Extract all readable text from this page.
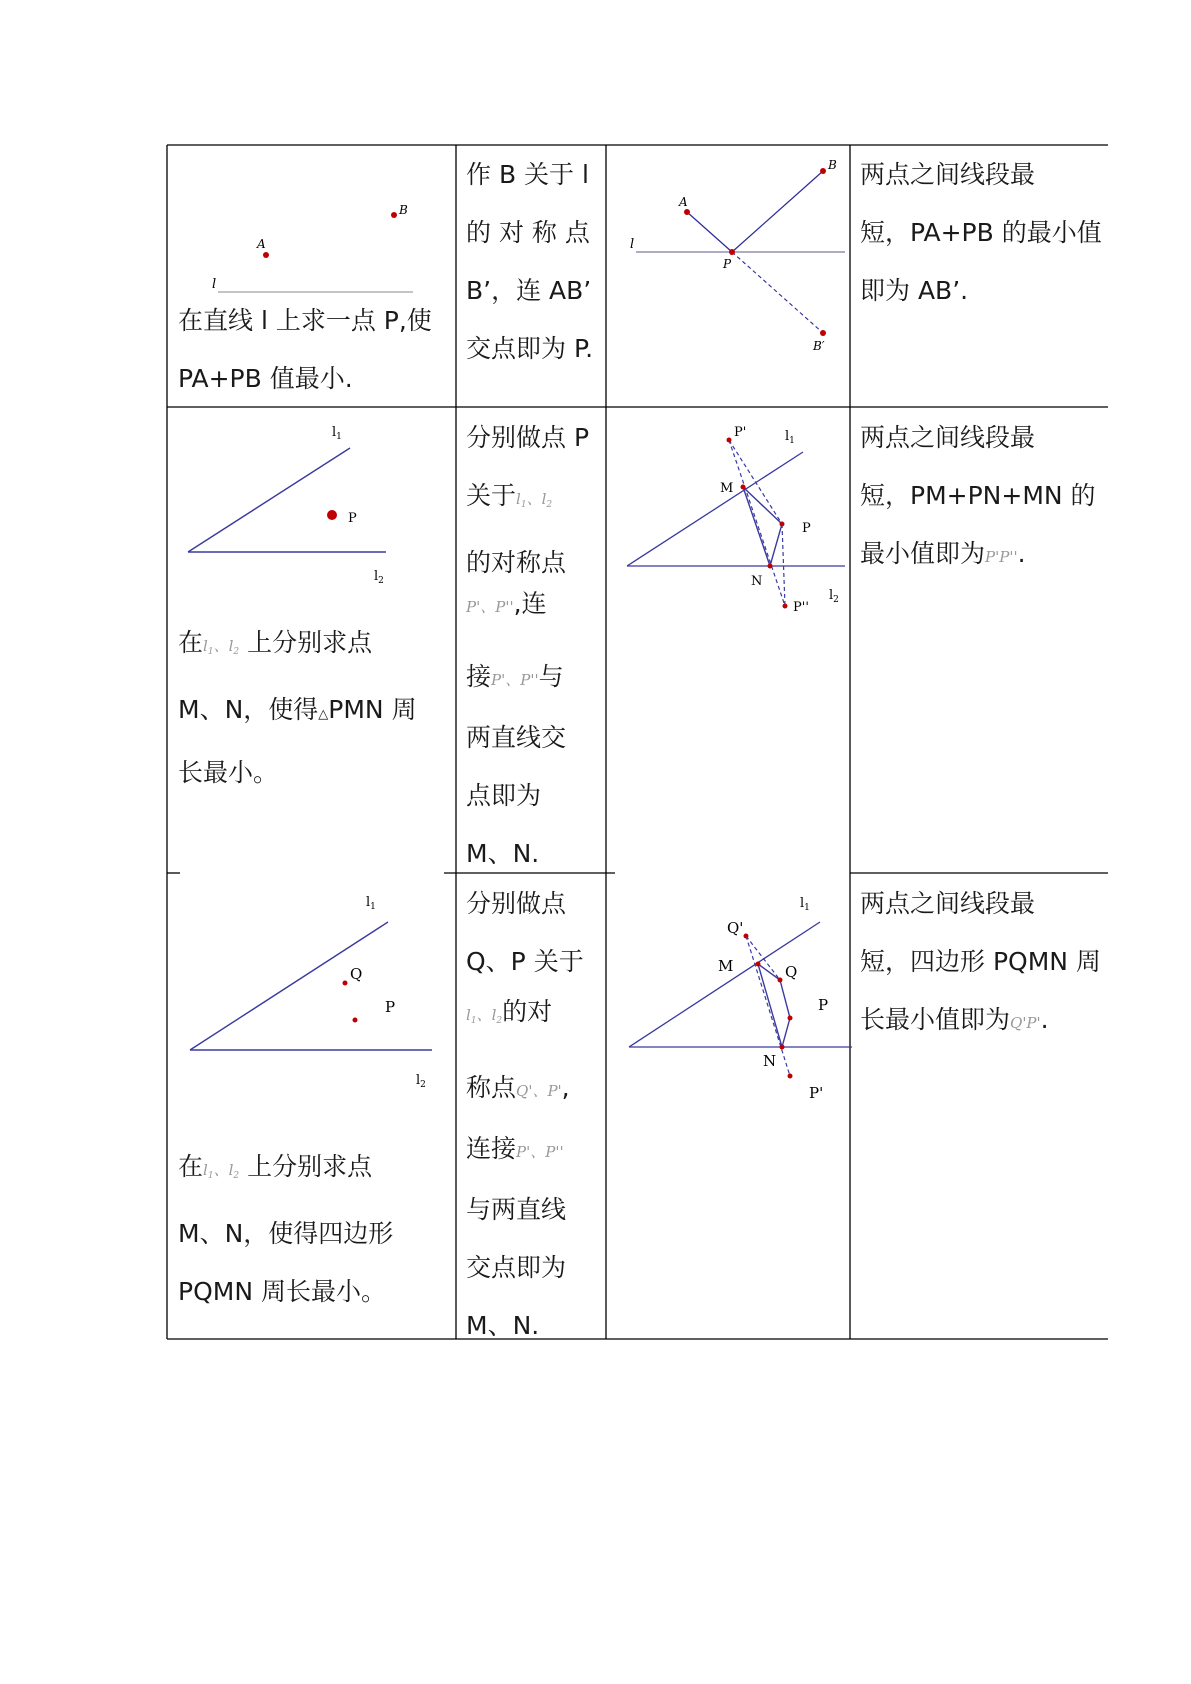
l
A
B

在直线 l 上求一点 P,使

PA+PB 值最小.

作 B 关于 l

的 对 称 点

B’，连 AB’

交点即为 P.

l
A
B
P
B′

两点之间线段最

短，PA+PB 的最小值

即为 AB’.

$l_1$
$l_2$
P

在$l_1$、$l_2$ 上分别求点

M、N，使得△PMN 周

长最小。

分别做点 P

关于$l_1$、$l_2$

的对称点

P'、P'',连

接P'、P''与

两直线交

点即为

M、N.

P'
M
P
N
P''
$l_1$
$l_2$

两点之间线段最

短，PM+PN+MN 的

最小值即为P'P''.

$l_1$
$l_2$
Q
P

在$l_1$、$l_2$ 上分别求点

M、N，使得四边形

PQMN 周长最小。

分别做点

Q、P 关于

$l_1$、$l_2$的对

称点Q'、P',

连接P'、P''

与两直线

交点即为

M、N.

Q'
M	Q
P
N
P'
$l_1$ 两点之间线段最

短，四边形 PQMN 周

长最小值即为Q'P'.
